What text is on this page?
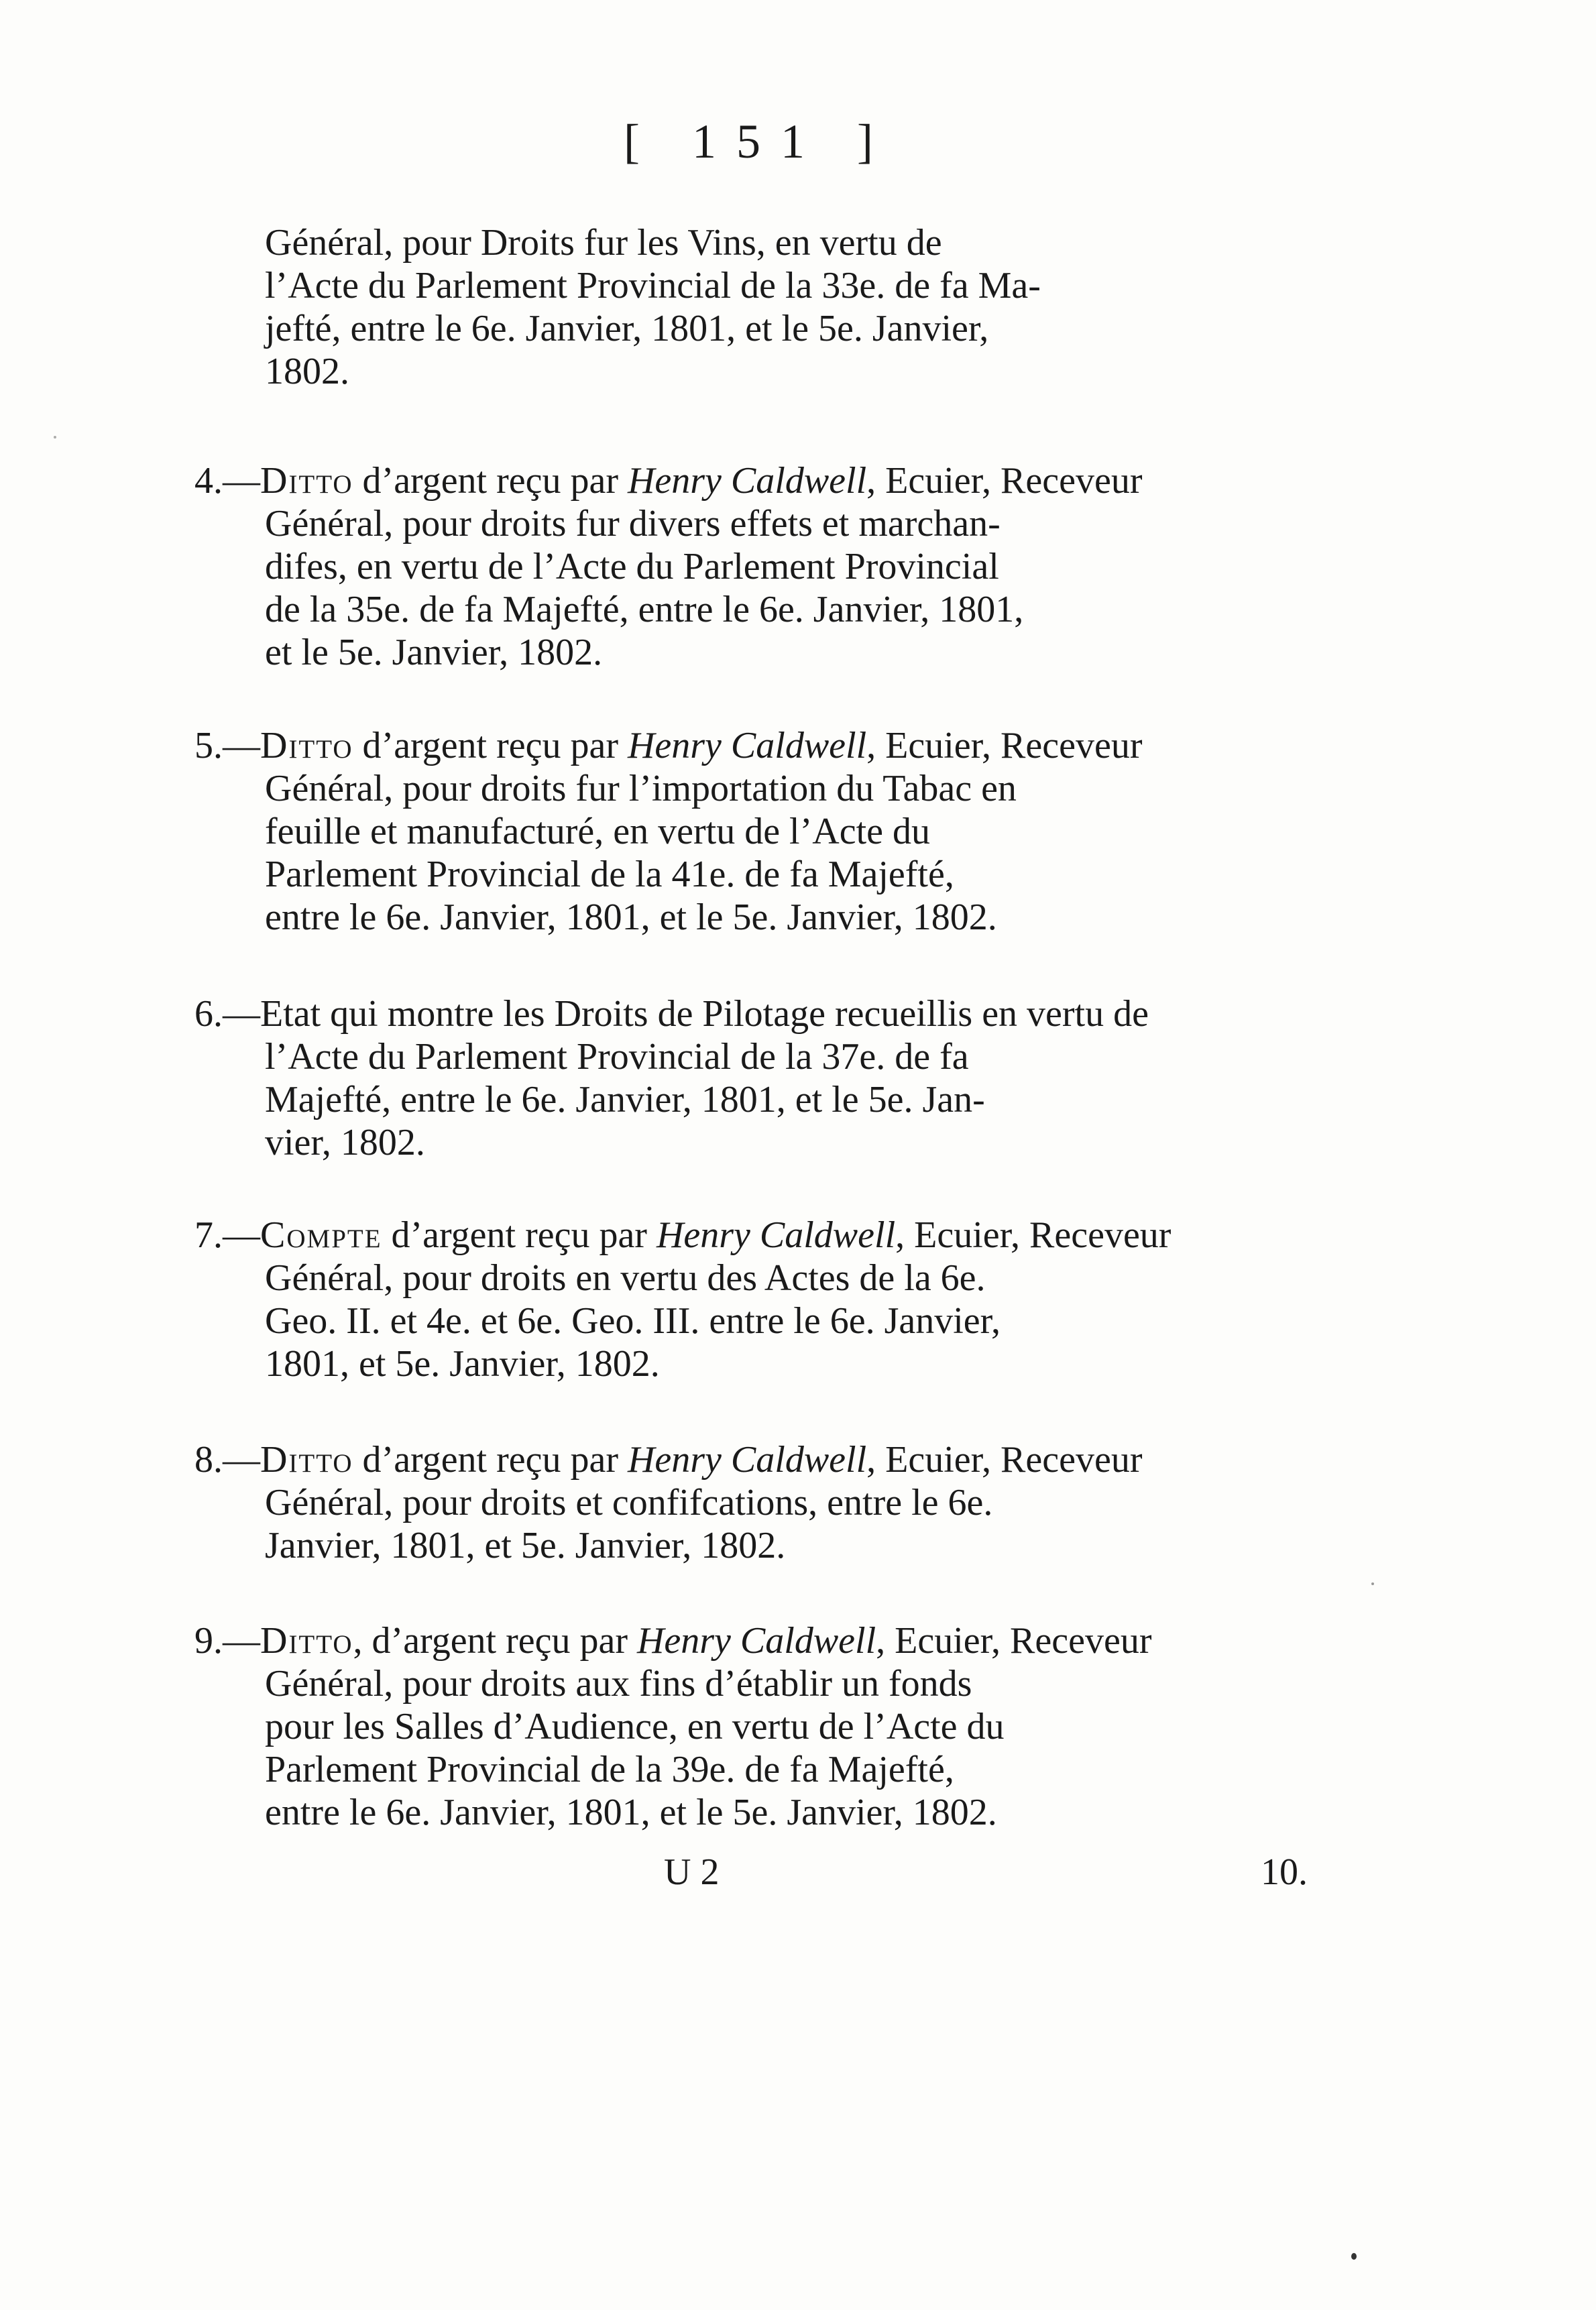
[ 151 ]
Général, pour Droits fur les Vins, en vertu de
l’Acte du Parlement Provincial de la 33e. de fa Ma-
jefté, entre le 6e. Janvier, 1801, et le 5e. Janvier,
1802.
4.—Ditto d’argent reçu par Henry Caldwell, Ecuier, Receveur
Général, pour droits fur divers effets et marchan-
difes, en vertu de l’Acte du Parlement Provincial
de la 35e. de fa Majefté, entre le 6e. Janvier, 1801,
et le 5e. Janvier, 1802.
5.—Ditto d’argent reçu par Henry Caldwell, Ecuier, Receveur
Général, pour droits fur l’importation du Tabac en
feuille et manufacturé, en vertu de l’Acte du
Parlement Provincial de la 41e. de fa Majefté,
entre le 6e. Janvier, 1801, et le 5e. Janvier, 1802.
6.—Etat qui montre les Droits de Pilotage recueillis en vertu de
l’Acte du Parlement Provincial de la 37e. de fa
Majefté, entre le 6e. Janvier, 1801, et le 5e. Jan-
vier, 1802.
7.—Compte d’argent reçu par Henry Caldwell, Ecuier, Receveur
Général, pour droits en vertu des Actes de la 6e.
Geo. II. et 4e. et 6e. Geo. III. entre le 6e. Janvier,
1801, et 5e. Janvier, 1802.
8.—Ditto d’argent reçu par Henry Caldwell, Ecuier, Receveur
Général, pour droits et confifcations, entre le 6e.
Janvier, 1801, et 5e. Janvier, 1802.
9.—Ditto, d’argent reçu par Henry Caldwell, Ecuier, Receveur
Général, pour droits aux fins d’établir un fonds
pour les Salles d’Audience, en vertu de l’Acte du
Parlement Provincial de la 39e. de fa Majefté,
entre le 6e. Janvier, 1801, et le 5e. Janvier, 1802.
U 2	10.
